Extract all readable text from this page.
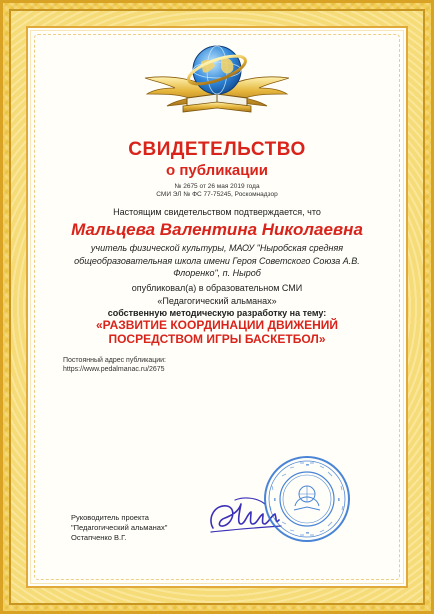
СВИДЕТЕЛЬСТВО
о публикации
№ 2675 от 26 мая 2019 года
СМИ ЭЛ № ФС 77-75245, Роскомнадзор
Настоящим свидетельством подтверждается, что
Мальцева Валентина Николаевна
учитель физической культуры, МАОУ "Ныробская средняя
общеобразовательная школа имени Героя Советского Союза А.В.
Флоренко", п. Ныроб
опубликовал(а) в образовательном СМИ
«Педагогический альманах»
собственную методическую разработку на тему:
«РАЗВИТИЕ КООРДИНАЦИИ ДВИЖЕНИЙ
ПОСРЕДСТВОМ ИГРЫ БАСКЕТБОЛ»
Постоянный адрес публикации:
https://www.pedalmanac.ru/2675
Руководитель проекта
"Педагогический альманах"
Остапченко В.Г.
